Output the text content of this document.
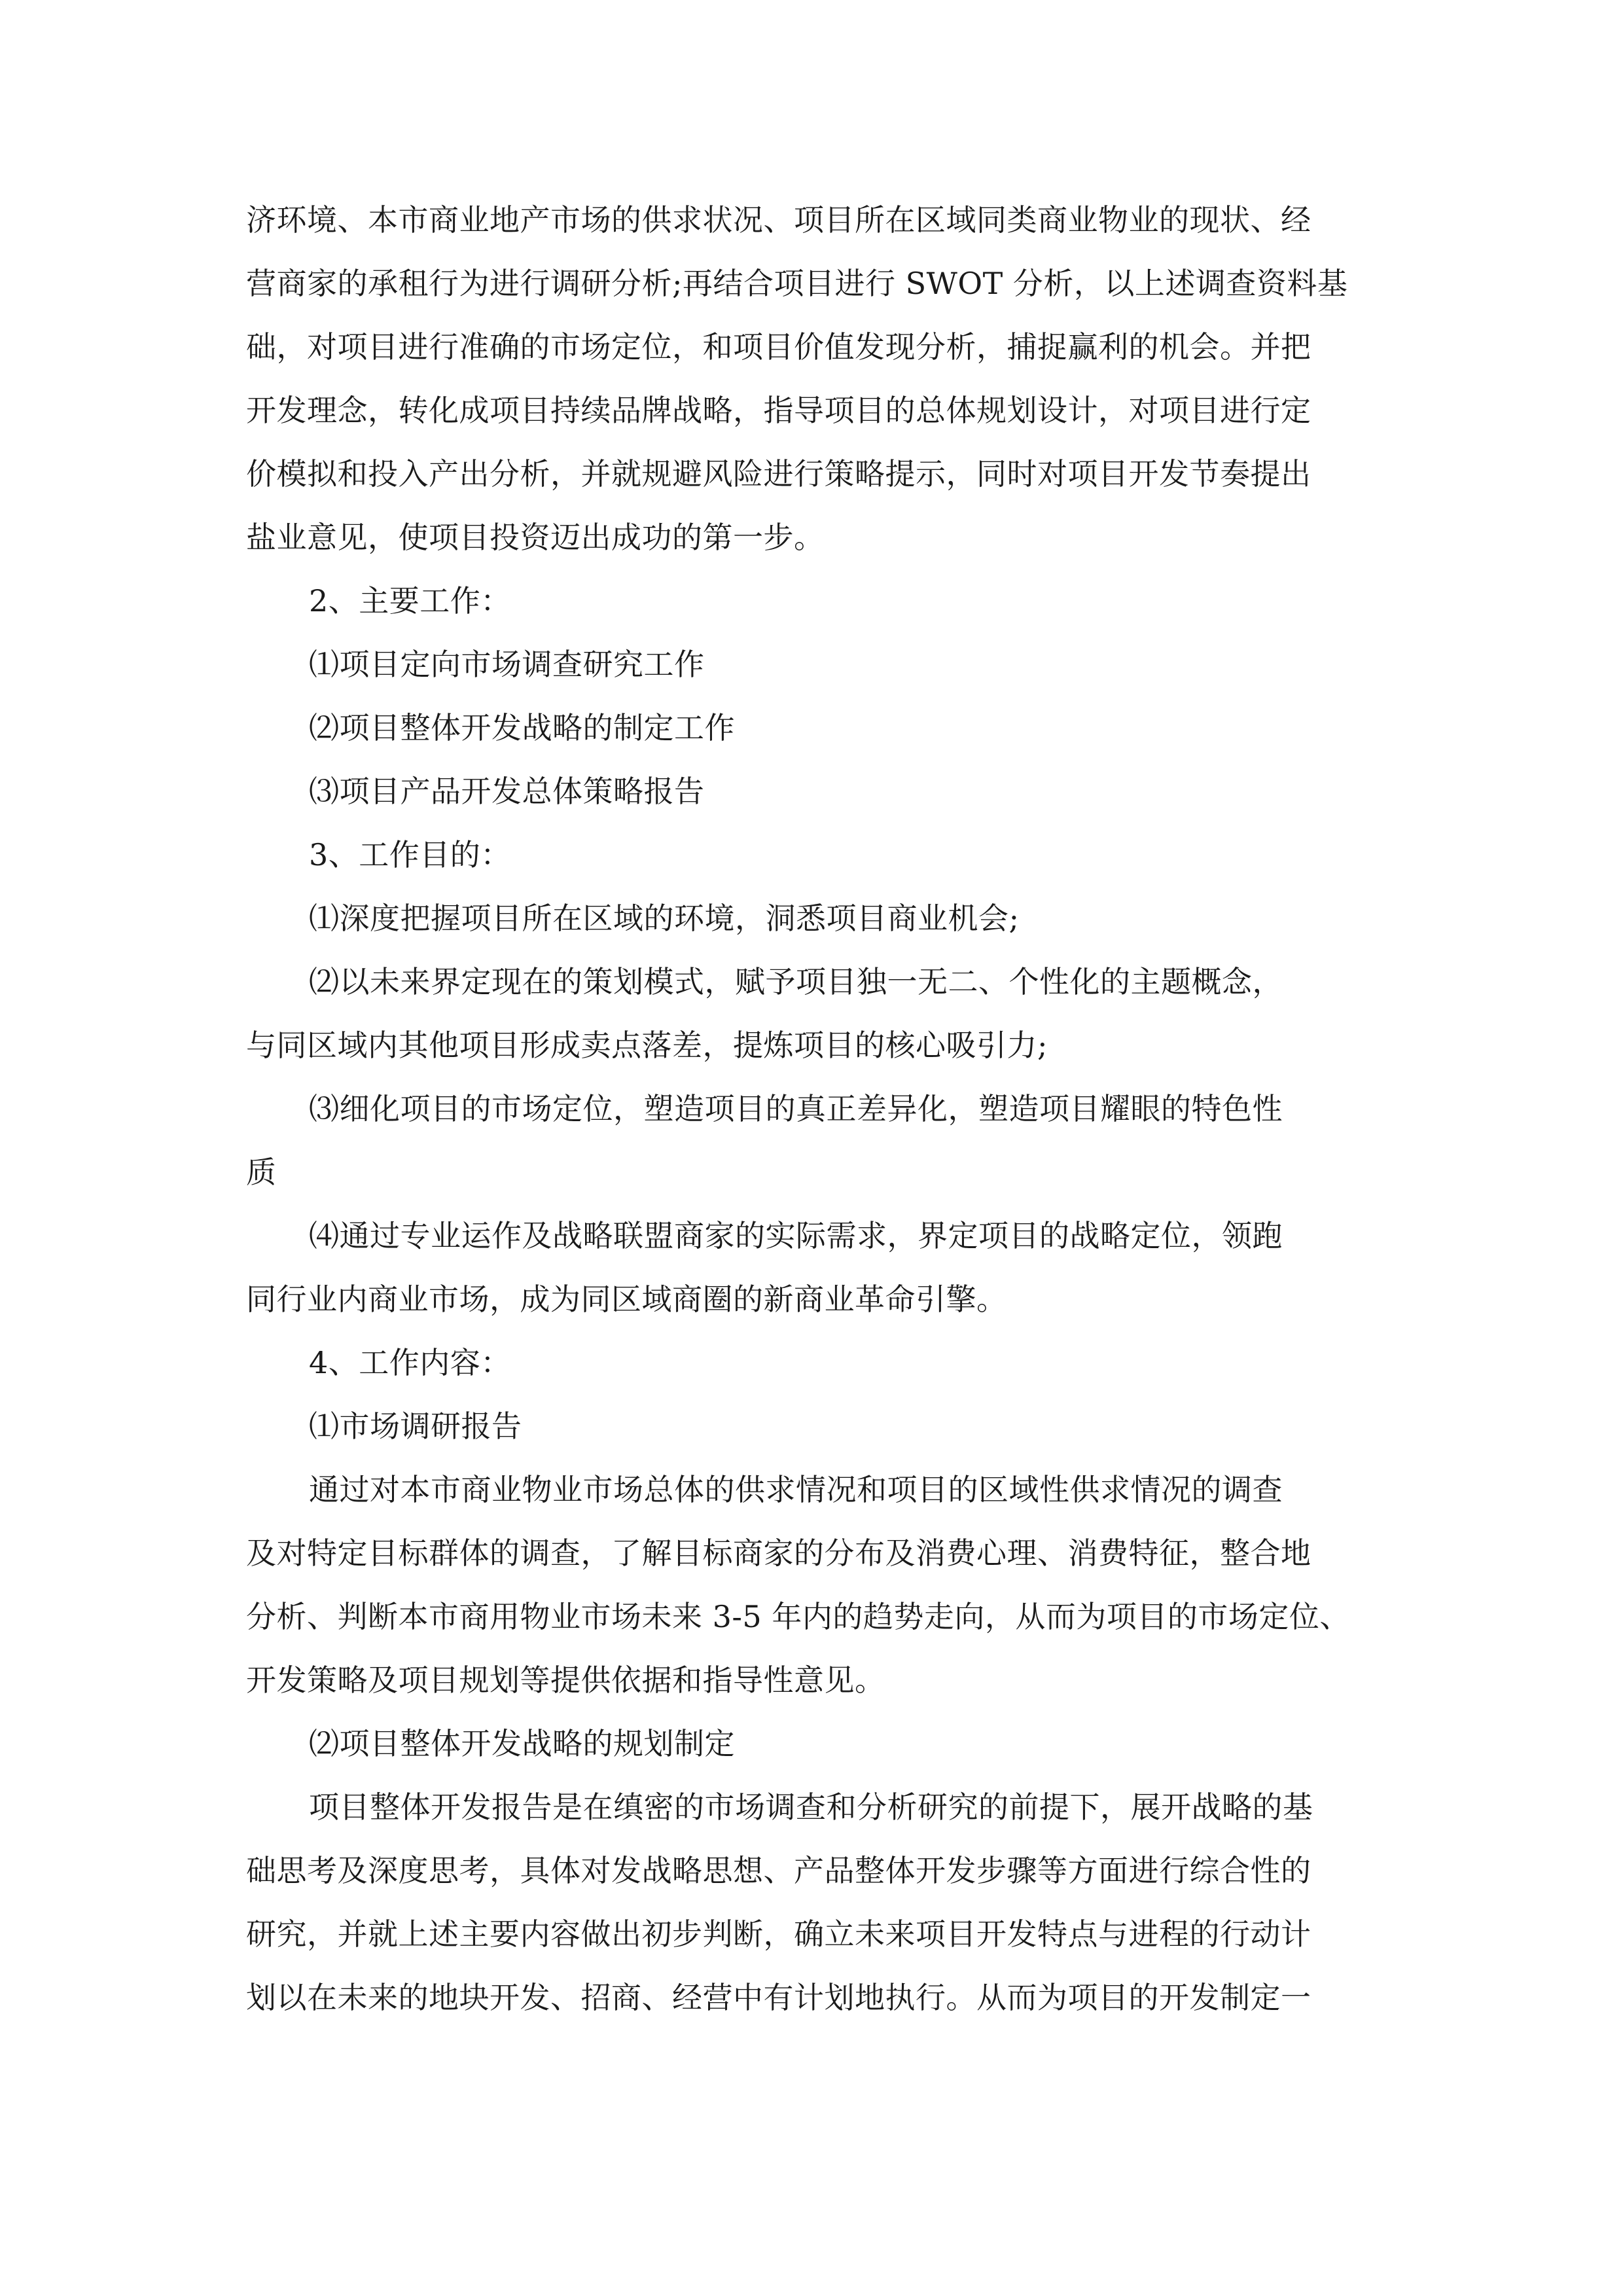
济环境、本市商业地产市场的供求状况、项目所在区域同类商业物业的现状、经
营商家的承租行为进行调研分析;再结合项目进行 SWOT 分析，以上述调查资料基
础，对项目进行准确的市场定位，和项目价值发现分析，捕捉赢利的机会。并把
开发理念，转化成项目持续品牌战略，指导项目的总体规划设计，对项目进行定
价模拟和投入产出分析，并就规避风险进行策略提示，同时对项目开发节奏提出
盐业意见，使项目投资迈出成功的第一步。
2、主要工作：
⑴项目定向市场调查研究工作
⑵项目整体开发战略的制定工作
⑶项目产品开发总体策略报告
3、工作目的：
⑴深度把握项目所在区域的环境，洞悉项目商业机会;
⑵以未来界定现在的策划模式，赋予项目独一无二、个性化的主题概念，
与同区域内其他项目形成卖点落差，提炼项目的核心吸引力;
⑶细化项目的市场定位，塑造项目的真正差异化，塑造项目耀眼的特色性
质
⑷通过专业运作及战略联盟商家的实际需求，界定项目的战略定位，领跑
同行业内商业市场，成为同区域商圈的新商业革命引擎。
4、工作内容：
⑴市场调研报告
通过对本市商业物业市场总体的供求情况和项目的区域性供求情况的调查
及对特定目标群体的调查，了解目标商家的分布及消费心理、消费特征，整合地
分析、判断本市商用物业市场未来 3-5 年内的趋势走向，从而为项目的市场定位、
开发策略及项目规划等提供依据和指导性意见。
⑵项目整体开发战略的规划制定
项目整体开发报告是在缜密的市场调查和分析研究的前提下，展开战略的基
础思考及深度思考，具体对发战略思想、产品整体开发步骤等方面进行综合性的
研究，并就上述主要内容做出初步判断，确立未来项目开发特点与进程的行动计
划以在未来的地块开发、招商、经营中有计划地执行。从而为项目的开发制定一
